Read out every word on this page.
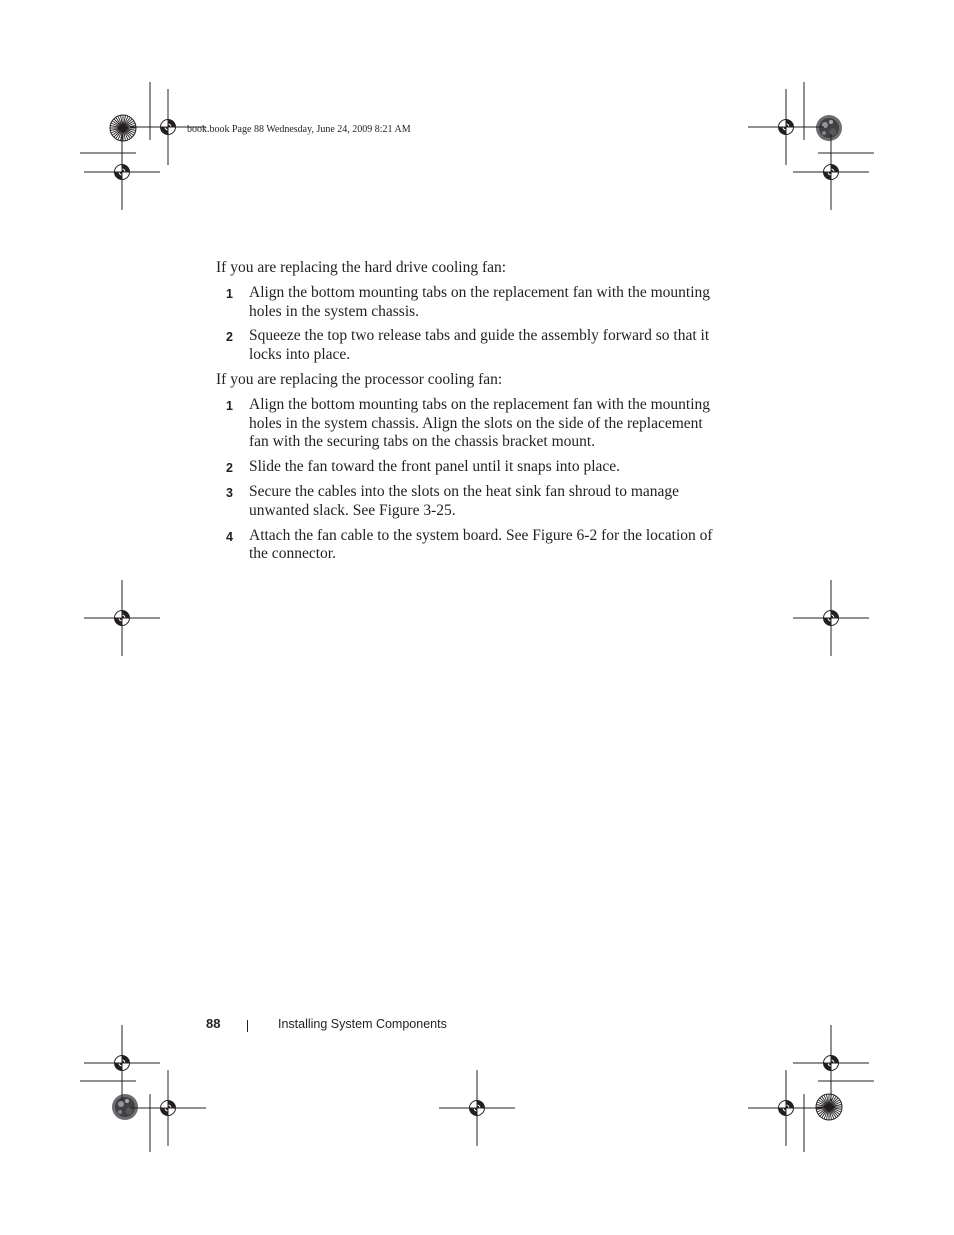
book.book Page 88 Wednesday, June 24, 2009 8:21 AM

If you are replacing the hard drive cooling fan:

1 Align the bottom mounting tabs on the replacement fan with the mounting holes in the system chassis.
2 Squeeze the top two release tabs and guide the assembly forward so that it locks into place.

If you are replacing the processor cooling fan:

1 Align the bottom mounting tabs on the replacement fan with the mounting holes in the system chassis. Align the slots on the side of the replacement fan with the securing tabs on the chassis bracket mount.
2 Slide the fan toward the front panel until it snaps into place.
3 Secure the cables into the slots on the heat sink fan shroud to manage unwanted slack. See Figure 3-25.
4 Attach the fan cable to the system board. See Figure 6-2 for the location of the connector.
88	Installing System Components
